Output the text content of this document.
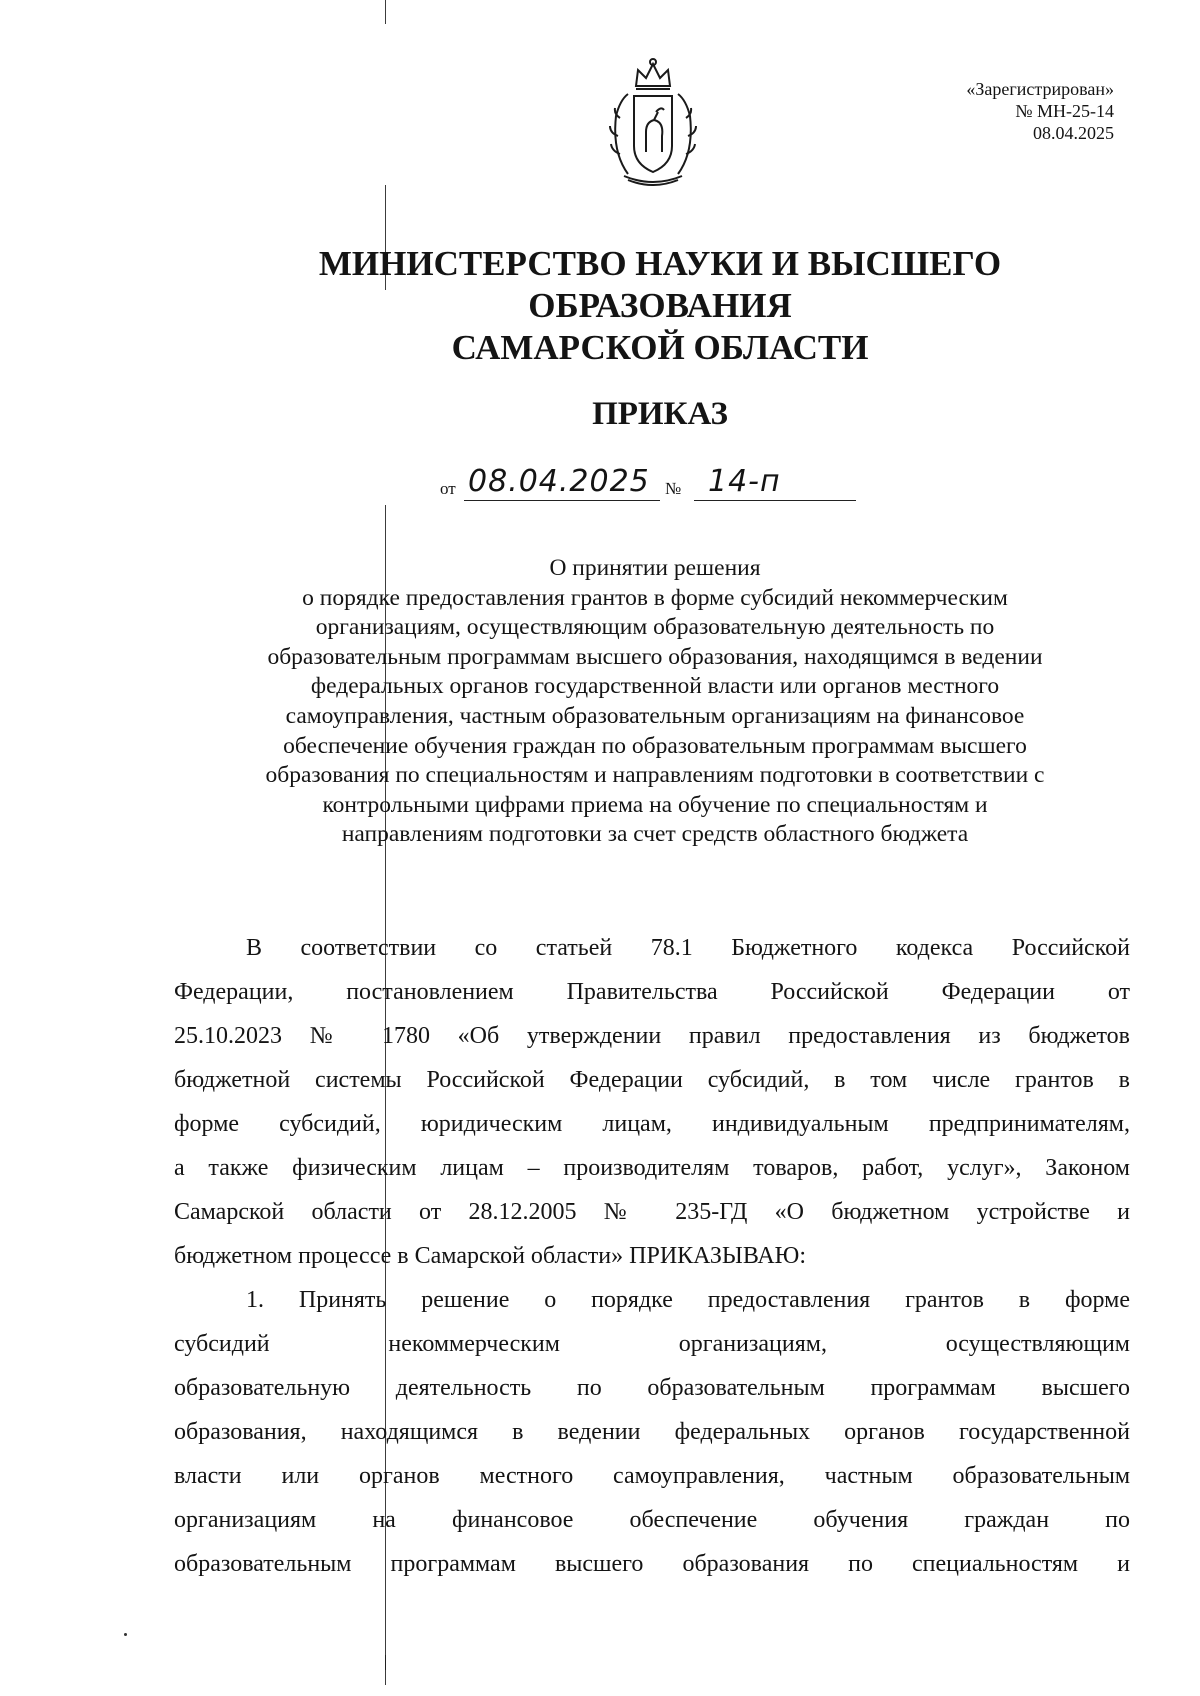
«Зарегистрирован»
№ МН-25-14
08.04.2025
МИНИСТЕРСТВО НАУКИ И ВЫСШЕГО
ОБРАЗОВАНИЯ
САМАРСКОЙ ОБЛАСТИ
ПРИКАЗ
от 08.04.2025 № 14-п
О принятии решения
о порядке предоставления грантов в форме субсидий некоммерческим
организациям, осуществляющим образовательную деятельность по
образовательным программам высшего образования, находящимся в ведении
федеральных органов государственной власти или органов местного
самоуправления, частным образовательным организациям на финансовое
обеспечение обучения граждан по образовательным программам высшего
образования по специальностям и направлениям подготовки в соответствии с
контрольными цифрами приема на обучение по специальностям и
направлениям подготовки за счет средств областного бюджета
В соответствии со статьей 78.1 Бюджетного кодекса Российской
Федерации, постановлением Правительства Российской Федерации от
25.10.2023 № 1780 «Об утверждении правил предоставления из бюджетов
бюджетной системы Российской Федерации субсидий, в том числе грантов в
форме субсидий, юридическим лицам, индивидуальным предпринимателям,
а также физическим лицам – производителям товаров, работ, услуг», Законом
Самарской области от 28.12.2005 № 235-ГД «О бюджетном устройстве и
бюджетном процессе в Самарской области» ПРИКАЗЫВАЮ:
1. Принять решение о порядке предоставления грантов в форме
субсидий некоммерческим организациям, осуществляющим
образовательную деятельность по образовательным программам высшего
образования, находящимся в ведении федеральных органов государственной
власти или органов местного самоуправления, частным образовательным
организациям на финансовое обеспечение обучения граждан по
образовательным программам высшего образования по специальностям и
